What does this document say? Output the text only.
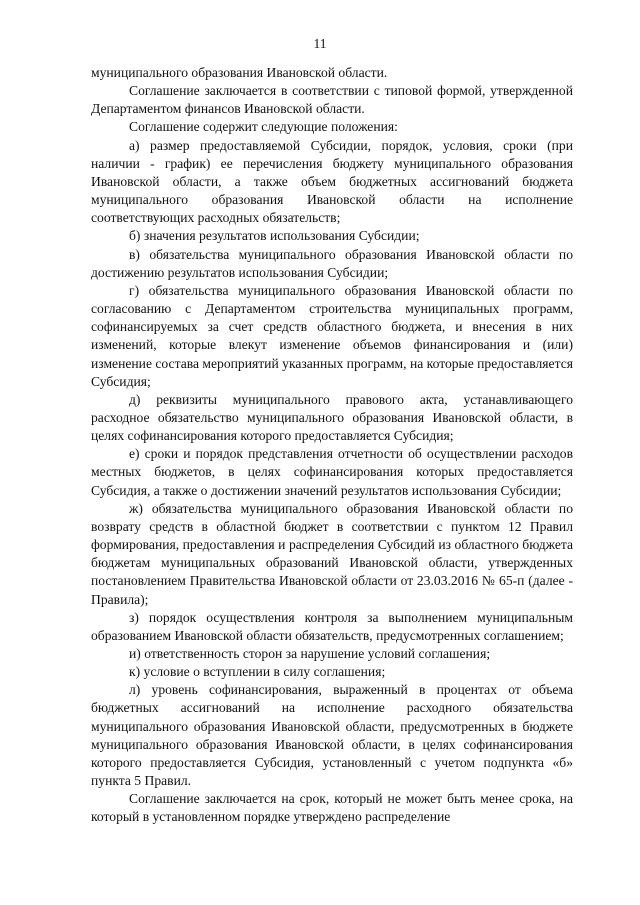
11

муниципального образования Ивановской области.

Соглашение заключается в соответствии с типовой формой, утвержденной Департаментом финансов Ивановской области.

Соглашение содержит следующие положения:

а) размер предоставляемой Субсидии, порядок, условия, сроки (при наличии - график) ее перечисления бюджету муниципального образования Ивановской области, а также объем бюджетных ассигнований бюджета муниципального образования Ивановской области на исполнение соответствующих расходных обязательств;

б) значения результатов использования Субсидии;

в) обязательства муниципального образования Ивановской области по достижению результатов использования Субсидии;

г) обязательства муниципального образования Ивановской области по согласованию с Департаментом строительства муниципальных программ, софинансируемых за счет средств областного бюджета, и внесения в них изменений, которые влекут изменение объемов финансирования и (или) изменение состава мероприятий указанных программ, на которые предоставляется Субсидия;

д) реквизиты муниципального правового акта, устанавливающего расходное обязательство муниципального образования Ивановской области, в целях софинансирования которого предоставляется Субсидия;

е) сроки и порядок представления отчетности об осуществлении расходов местных бюджетов, в целях софинансирования которых предоставляется Субсидия, а также о достижении значений результатов использования Субсидии;

ж) обязательства муниципального образования Ивановской области по возврату средств в областной бюджет в соответствии с пунктом 12 Правил формирования, предоставления и распределения Субсидий из областного бюджета бюджетам муниципальных образований Ивановской области, утвержденных постановлением Правительства Ивановской области от 23.03.2016 № 65-п (далее - Правила);

з) порядок осуществления контроля за выполнением муниципальным образованием Ивановской области обязательств, предусмотренных соглашением;

и) ответственность сторон за нарушение условий соглашения;

к) условие о вступлении в силу соглашения;

л) уровень софинансирования, выраженный в процентах от объема бюджетных ассигнований на исполнение расходного обязательства муниципального образования Ивановской области, предусмотренных в бюджете муниципального образования Ивановской области, в целях софинансирования которого предоставляется Субсидия, установленный с учетом подпункта «б» пункта 5 Правил.

Соглашение заключается на срок, который не может быть менее срока, на который в установленном порядке утверждено распределение
